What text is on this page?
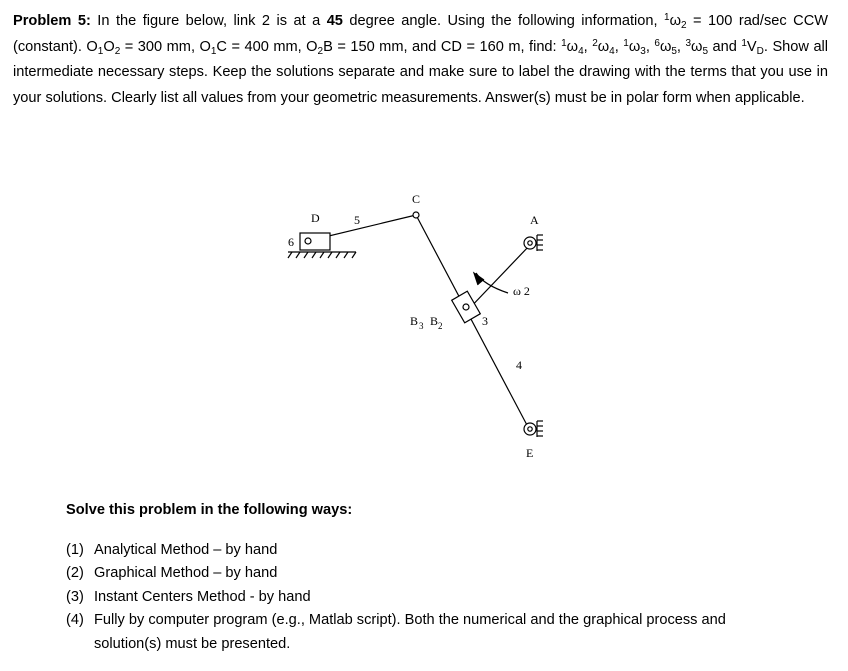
Problem 5: In the figure below, link 2 is at a 45 degree angle. Using the following information, $^1\omega_2 = 100$ rad/sec CCW (constant). $O_1O_2 = 300$ mm, $O_1C = 400$ mm, $O_2B = 150$ mm, and CD = 160 m, find: $^1\omega_4$, $^2\omega_4$, $^1\omega_3$, $^6\omega_5$, $^3\omega_5$ and $^1V_D$. Show all intermediate necessary steps. Keep the solutions separate and make sure to label the drawing with the terms that you use in your solutions. Clearly list all values from your geometric measurements. Answer(s) must be in polar form when applicable.
C
D	5
6
A
ω 2
B 3 B 2	3
4
E
Solve this problem in the following ways:
(1) Analytical Method – by hand
(2) Graphical Method – by hand
(3) Instant Centers Method - by hand
(4) Fully by computer program (e.g., Matlab script). Both the numerical and the graphical process and solution(s) must be presented.
